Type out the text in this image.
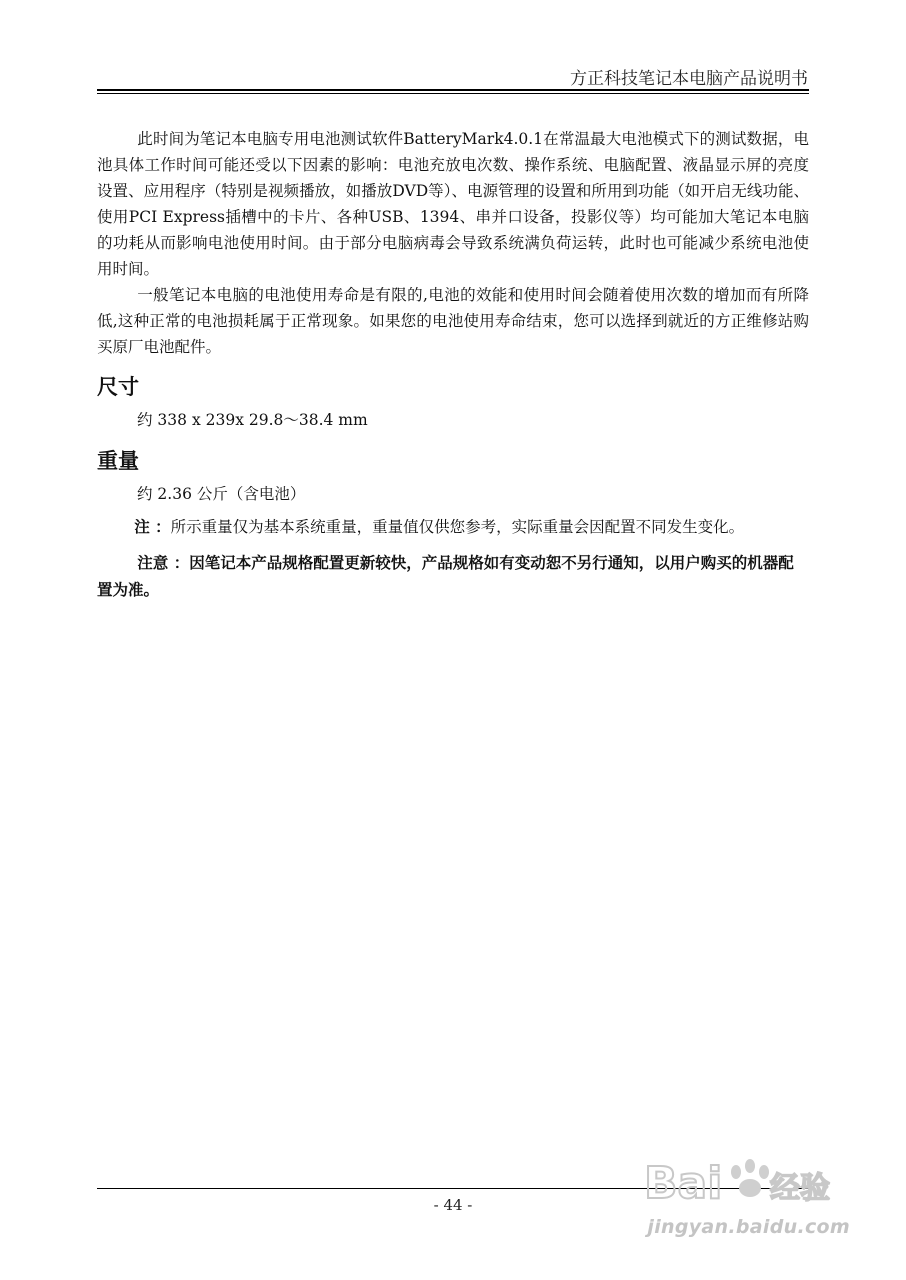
方正科技笔记本电脑产品说明书

此时间为笔记本电脑专用电池测试软件BatteryMark4.0.1在常温最大电池模式下的测试数据，电池具体工作时间可能还受以下因素的影响：电池充放电次数、操作系统、电脑配置、液晶显示屏的亮度设置、应用程序（特别是视频播放，如播放DVD等）、电源管理的设置和所用到功能（如开启无线功能、使用PCI Express插槽中的卡片、各种USB、1394、串并口设备，投影仪等）均可能加大笔记本电脑的功耗从而影响电池使用时间。由于部分电脑病毒会导致系统满负荷运转，此时也可能减少系统电池使用时间。

一般笔记本电脑的电池使用寿命是有限的,电池的效能和使用时间会随着使用次数的增加而有所降低,这种正常的电池损耗属于正常现象。如果您的电池使用寿命结束，您可以选择到就近的方正维修站购买原厂电池配件。

尺寸
约 338 x 239x 29.8～38.4 mm
重量
约 2.36 公斤（含电池）

注 ：所示重量仅为基本系统重量，重量值仅供您参考，实际重量会因配置不同发生变化。

注意 ：因笔记本产品规格配置更新较快，产品规格如有变动恕不另行通知，以用户购买的机器配置为准。

- 44 -	Bai 经验
jingyan.baidu.com
